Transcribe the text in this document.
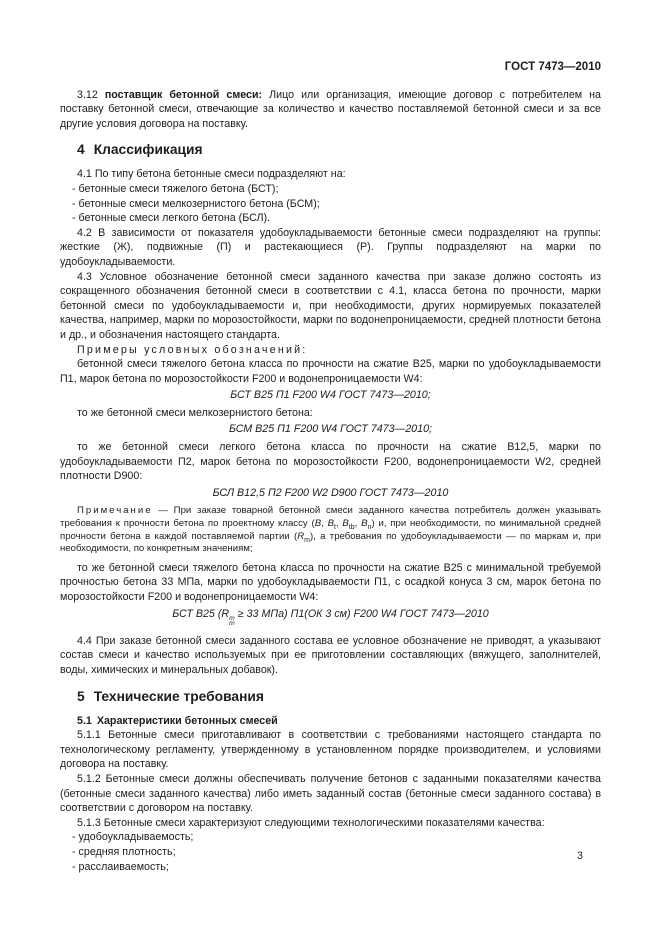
ГОСТ 7473—2010

3.12 поставщик бетонной смеси: Лицо или организация, имеющие договор с потребителем на поставку бетонной смеси, отвечающие за количество и качество поставляемой бетонной смеси и за все другие условия договора на поставку.

4 Классификация

4.1 По типу бетона бетонные смеси подразделяют на:

- бетонные смеси тяжелого бетона (БСТ);
- бетонные смеси мелкозернистого бетона (БСМ);
- бетонные смеси легкого бетона (БСЛ).

4.2 В зависимости от показателя удобоукладываемости бетонные смеси подразделяют на группы: жесткие (Ж), подвижные (П) и растекающиеся (Р). Группы подразделяют на марки по удобоукладываемости.

4.3 Условное обозначение бетонной смеси заданного качества при заказе должно состоять из сокращенного обозначения бетонной смеси в соответствии с 4.1, класса бетона по прочности, марки бетонной смеси по удобоукладываемости и, при необходимости, других нормируемых показателей качества, например, марки по морозостойкости, марки по водонепроницаемости, средней плотности бетона и др., и обозначения настоящего стандарта.

Примеры условных обозначений:

бетонной смеси тяжелого бетона класса по прочности на сжатие В25, марки по удобоукладываемости П1, марок бетона по морозостойкости F200 и водонепроницаемости W4:

БСТ В25 П1 F200 W4 ГОСТ 7473—2010;

то же бетонной смеси мелкозернистого бетона:

БСМ В25 П1 F200 W4 ГОСТ 7473—2010;

то же бетонной смеси легкого бетона класса по прочности на сжатие В12,5, марки по удобоукладываемости П2, марок бетона по морозостойкости F200, водонепроницаемости W2, средней плотности D900:

БСЛ В12,5 П2 F200 W2 D900 ГОСТ 7473—2010

Примечание — При заказе товарной бетонной смеси заданного качества потребитель должен указывать требования к прочности бетона по проектному классу (В, $В_t$, $В_{tb}$, $В_n$) и, при необходимости, по минимальной средней прочности бетона в каждой поставляемой партии $(R_m)$, а требования по удобоукладываемости — по маркам и, при необходимости, по конкретным значениям;

то же бетонной смеси тяжелого бетона класса по прочности на сжатие В25 с минимальной требуемой прочностью бетона 33 МПа, марки по удобоукладываемости П1, с осадкой конуса 3 см, марок бетона по морозостойкости F200 и водонепроницаемости W4:

БСТ В25 (R т
m
≥ 33 МПа) П1(ОК 3 см) F200 W4 ГОСТ 7473—2010

4.4 При заказе бетонной смеси заданного состава ее условное обозначение не приводят, а указывают состав смеси и качество используемых при ее приготовлении составляющих (вяжущего, заполнителей, воды, химических и минеральных добавок).

5 Технические требования

5.1 Характеристики бетонных смесей

5.1.1 Бетонные смеси приготавливают в соответствии с требованиями настоящего стандарта по технологическому регламенту, утвержденному в установленном порядке производителем, и условиями договора на поставку.

5.1.2 Бетонные смеси должны обеспечивать получение бетонов с заданными показателями качества (бетонные смеси заданного качества) либо иметь заданный состав (бетонные смеси заданного состава) в соответствии с договором на поставку.

5.1.3 Бетонные смеси характеризуют следующими технологическими показателями качества:

- удобоукладываемость;
- средняя плотность;
- расслаиваемость;
3
